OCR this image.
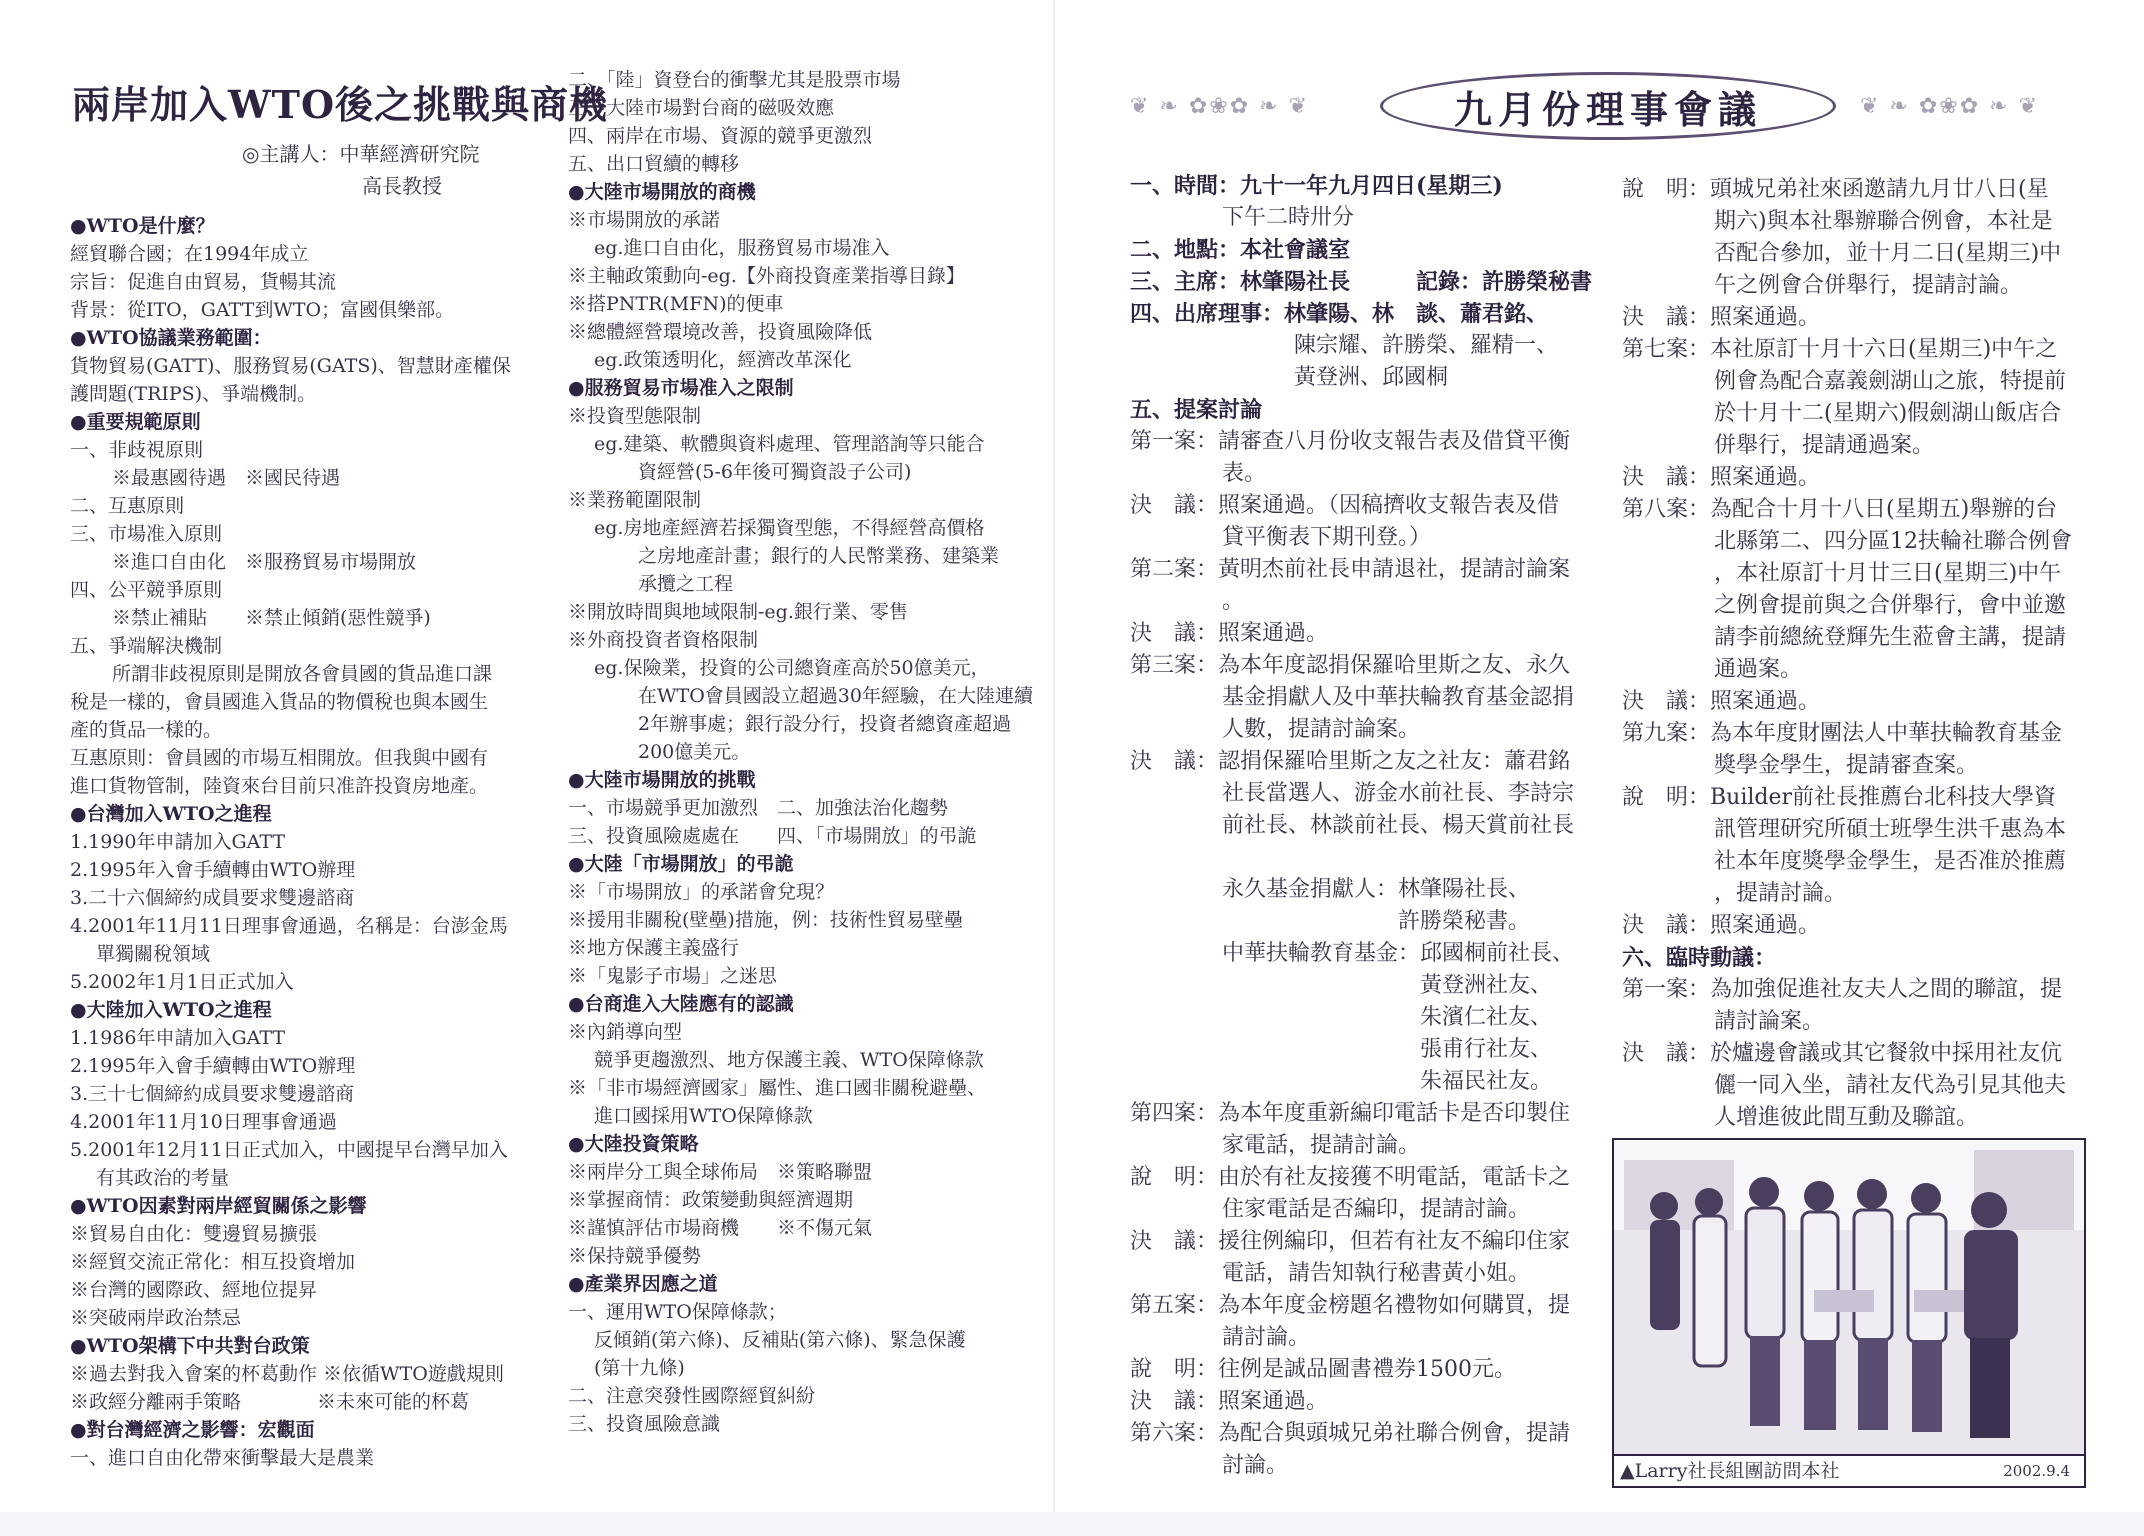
兩岸加入WTO後之挑戰與商機
◎主講人：中華經濟研究院
高長教授
●WTO是什麼？
經貿聯合國；在1994年成立
宗旨：促進自由貿易，貨暢其流
背景：從ITO，GATT到WTO；富國俱樂部。
●WTO協議業務範圍：
貨物貿易(GATT)、服務貿易(GATS)、智慧財產權保
護問題(TRIPS)、爭端機制。
●重要規範原則
一、非歧視原則
※最惠國待遇　※國民待遇
二、互惠原則
三、市場准入原則
※進口自由化　※服務貿易市場開放
四、公平競爭原則
※禁止補貼　　※禁止傾銷(惡性競爭)
五、爭端解決機制
所謂非歧視原則是開放各會員國的貨品進口課
稅是一樣的，會員國進入貨品的物價稅也與本國生
產的貨品一樣的。
互惠原則：會員國的市場互相開放。但我與中國有
進口貨物管制，陸資來台目前只准許投資房地產。
●台灣加入WTO之進程
1.1990年申請加入GATT
2.1995年入會手續轉由WTO辦理
3.二十六個締約成員要求雙邊諮商
4.2001年11月11日理事會通過，名稱是：台澎金馬
單獨關稅領域
5.2002年1月1日正式加入
●大陸加入WTO之進程
1.1986年申請加入GATT
2.1995年入會手續轉由WTO辦理
3.三十七個締約成員要求雙邊諮商
4.2001年11月10日理事會通過
5.2001年12月11日正式加入，中國提早台灣早加入
有其政治的考量
●WTO因素對兩岸經貿關係之影響
※貿易自由化：雙邊貿易擴張
※經貿交流正常化：相互投資增加
※台灣的國際政、經地位提昇
※突破兩岸政治禁忌
●WTO架構下中共對台政策
※過去對我入會案的杯葛動作 ※依循WTO遊戲規則
※政經分離兩手策略　　　　※未來可能的杯葛
●對台灣經濟之影響：宏觀面
一、進口自由化帶來衝擊最大是農業
二、「陸」資登台的衝擊尤其是股票市場
三、大陸市場對台商的磁吸效應
四、兩岸在市場、資源的競爭更激烈
五、出口貿續的轉移
●大陸市場開放的商機
※市場開放的承諾
eg.進口自由化，服務貿易市場准入
※主軸政策動向-eg.【外商投資產業指導目錄】
※搭PNTR(MFN)的便車
※總體經營環境改善，投資風險降低
eg.政策透明化，經濟改革深化
●服務貿易市場准入之限制
※投資型態限制
eg.建築、軟體與資料處理、管理諮詢等只能合
資經營(5-6年後可獨資設子公司)
※業務範圍限制
eg.房地產經濟若採獨資型態，不得經營高價格
之房地產計畫；銀行的人民幣業務、建築業
承攬之工程
※開放時間與地域限制-eg.銀行業、零售
※外商投資者資格限制
eg.保險業，投資的公司總資產高於50億美元，
在WTO會員國設立超過30年經驗，在大陸連續
2年辦事處；銀行設分行，投資者總資產超過
200億美元。
●大陸市場開放的挑戰
一、市場競爭更加激烈　二、加強法治化趨勢
三、投資風險處處在　　四、「市場開放」的弔詭
●大陸「市場開放」的弔詭
※「市場開放」的承諾會兌現？
※援用非關稅(壁壘)措施，例：技術性貿易壁壘
※地方保護主義盛行
※「鬼影子市場」之迷思
●台商進入大陸應有的認識
※內銷導向型
競爭更趨激烈、地方保護主義、WTO保障條款
※「非市場經濟國家」屬性、進口國非關稅避壘、
進口國採用WTO保障條款
●大陸投資策略
※兩岸分工與全球佈局　※策略聯盟
※掌握商情：政策變動與經濟週期
※謹慎評估市場商機　　※不傷元氣
※保持競爭優勢
●產業界因應之道
一、運用WTO保障條款；
反傾銷(第六條)、反補貼(第六條)、緊急保護
(第十九條)
二、注意突發性國際經貿糾紛
三、投資風險意識
❦ ❧ ✿❀✿ ❧ ❦	九月份理事會議	❦ ❧ ✿❀✿ ❧ ❦
一、時間：九十一年九月四日(星期三)
下午二時卅分
二、地點：本社會議室
三、主席：林肇陽社長　　　記錄：許勝榮秘書
四、出席理事：林肇陽、林　談、蕭君銘、
陳宗耀、許勝榮、羅精一、
黃登洲、邱國桐
五、提案討論
第一案：請審查八月份收支報告表及借貸平衡
表。
決　議：照案通過。（因稿擠收支報告表及借
貸平衡表下期刊登。）
第二案：黃明杰前社長申請退社，提請討論案
。
決　議：照案通過。
第三案：為本年度認捐保羅哈里斯之友、永久
基金捐獻人及中華扶輪教育基金認捐
人數，提請討論案。
決　議：認捐保羅哈里斯之友之社友：蕭君銘
社長當選人、游金水前社長、李詩宗
前社長、林談前社長、楊天賞前社長
永久基金捐獻人：林肇陽社長、
　　　　　　　　許勝榮秘書。
中華扶輪教育基金：邱國桐前社長、
　　　　　　　　　黃登洲社友、
　　　　　　　　　朱濱仁社友、
　　　　　　　　　張甫行社友、
　　　　　　　　　朱福民社友。
第四案：為本年度重新編印電話卡是否印製住
家電話，提請討論。
說　明：由於有社友接獲不明電話，電話卡之
住家電話是否編印，提請討論。
決　議：援往例編印，但若有社友不編印住家
電話，請告知執行秘書黃小姐。
第五案：為本年度金榜題名禮物如何購買，提
請討論。
說　明：往例是誠品圖書禮券1500元。
決　議：照案通過。
第六案：為配合與頭城兄弟社聯合例會，提請
討論。
說　明：頭城兄弟社來函邀請九月廿八日(星
期六)與本社舉辦聯合例會，本社是
否配合參加，並十月二日(星期三)中
午之例會合併舉行，提請討論。
決　議：照案通過。
第七案：本社原訂十月十六日(星期三)中午之
例會為配合嘉義劍湖山之旅，特提前
於十月十二(星期六)假劍湖山飯店合
併舉行，提請通過案。
決　議：照案通過。
第八案：為配合十月十八日(星期五)舉辦的台
北縣第二、四分區12扶輪社聯合例會
，本社原訂十月廿三日(星期三)中午
之例會提前與之合併舉行，會中並邀
請李前總統登輝先生蒞會主講，提請
通過案。
決　議：照案通過。
第九案：為本年度財團法人中華扶輪教育基金
獎學金學生，提請審查案。
說　明：Builder前社長推薦台北科技大學資
訊管理研究所碩士班學生洪千惠為本
社本年度獎學金學生，是否准於推薦
，提請討論。
決　議：照案通過。
六、臨時動議：
第一案：為加強促進社友夫人之間的聯誼，提
請討論案。
決　議：於爐邊會議或其它餐敘中採用社友伉
儷一同入坐，請社友代為引見其他夫
人增進彼此間互動及聯誼。
▲Larry社長組團訪問本社	2002.9.4
